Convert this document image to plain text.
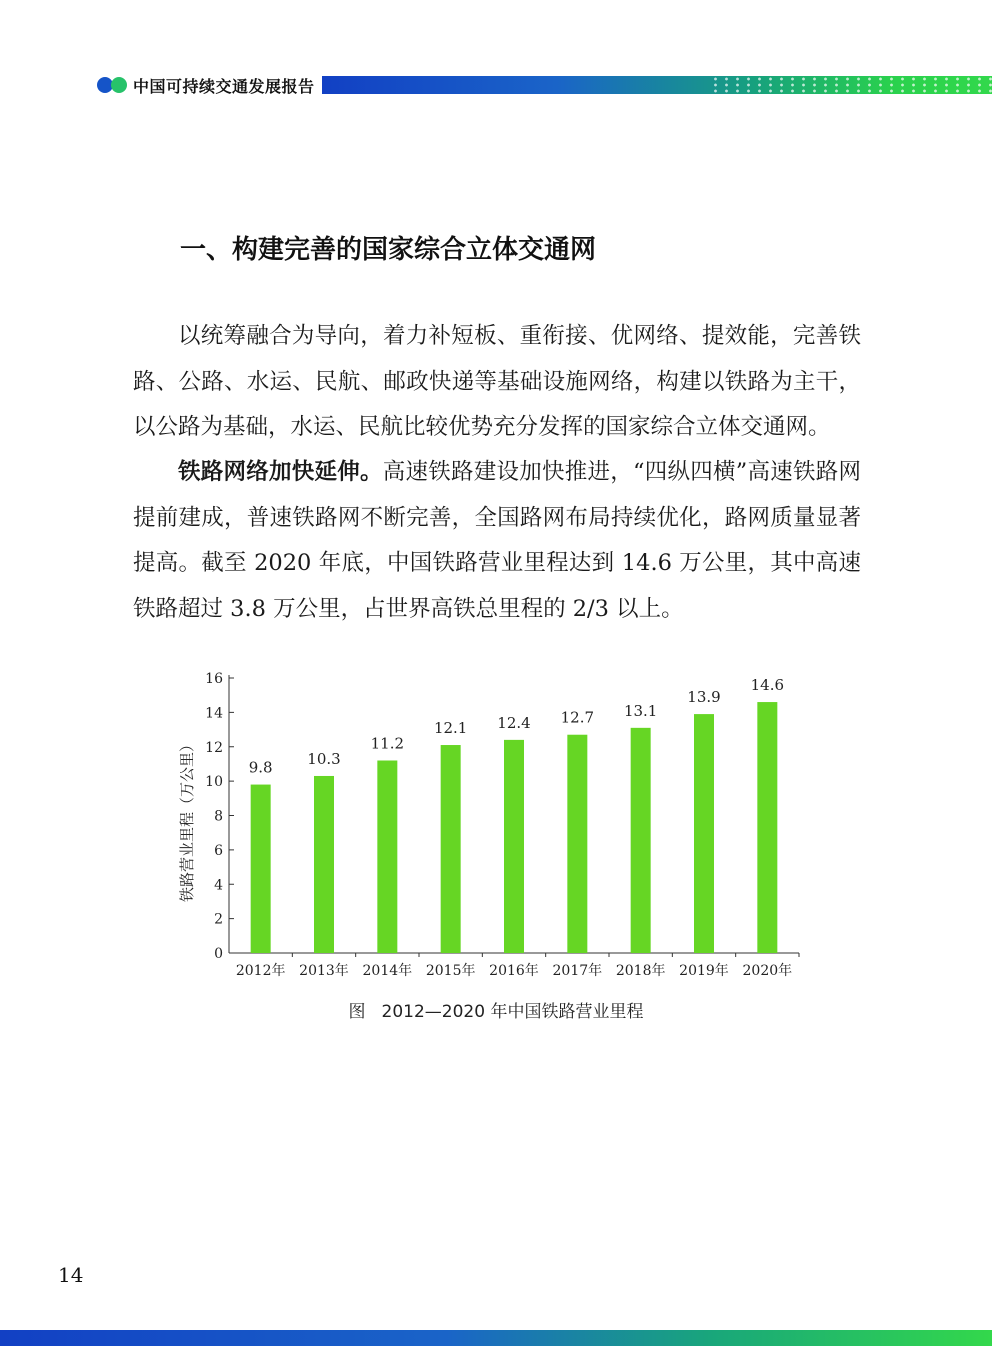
中国可持续交通发展报告
一、构建完善的国家综合立体交通网

以统筹融合为导向，着力补短板、重衔接、优网络、提效能，完善铁路、公路、水运、民航、邮政快递等基础设施网络，构建以铁路为主干，以公路为基础，水运、民航比较优势充分发挥的国家综合立体交通网。

铁路网络加快延伸。高速铁路建设加快推进，“四纵四横”高速铁路网提前建成，普速铁路网不断完善，全国路网布局持续优化，路网质量显著提高。截至 2020 年底，中国铁路营业里程达到 14.6 万公里，其中高速铁路超过 3.8 万公里，占世界高铁总里程的 2/3 以上。

0
2
4
6
8
10
12
14
16
铁路营业里程（万公里）	9.8
2012年
10.3
2013年
11.2
2014年
12.1
2015年
12.4
2016年
12.7
2017年
13.1
2018年
13.9
2019年
14.6
2020年
图 2012—2020 年中国铁路营业里程
14
